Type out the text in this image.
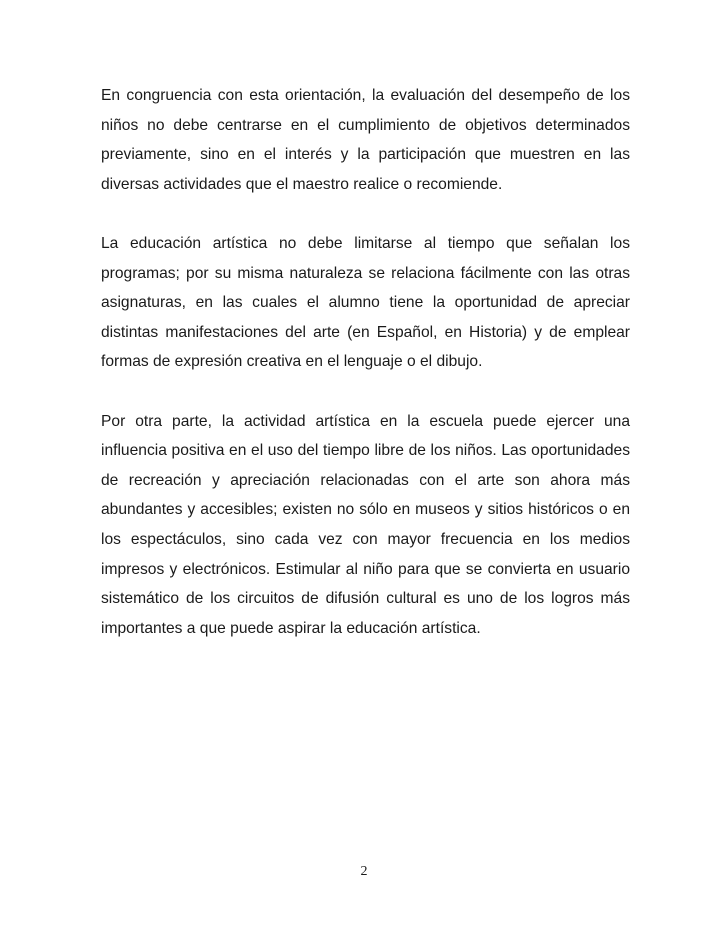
En congruencia con esta orientación, la evaluación del desempeño de los niños no debe centrarse en el cumplimiento de objetivos determinados previamente, sino en el interés y la participación que muestren en las diversas actividades que el maestro realice o recomiende.

La educación artística no debe limitarse al tiempo que señalan los programas; por su misma naturaleza se relaciona fácilmente con las otras asignaturas, en las cuales el alumno tiene la oportunidad de apreciar distintas manifestaciones del arte (en Español, en Historia) y de emplear formas de expresión creativa en el lenguaje o el dibujo.

Por otra parte, la actividad artística en la escuela puede ejercer una influencia positiva en el uso del tiempo libre de los niños. Las oportunidades de recreación y apreciación relacionadas con el arte son ahora más abundantes y accesibles; existen no sólo en museos y sitios históricos o en los espectáculos, sino cada vez con mayor frecuencia en los medios impresos y electrónicos. Estimular al niño para que se convierta en usuario sistemático de los circuitos de difusión cultural es uno de los logros más importantes a que puede aspirar la educación artística.

2
